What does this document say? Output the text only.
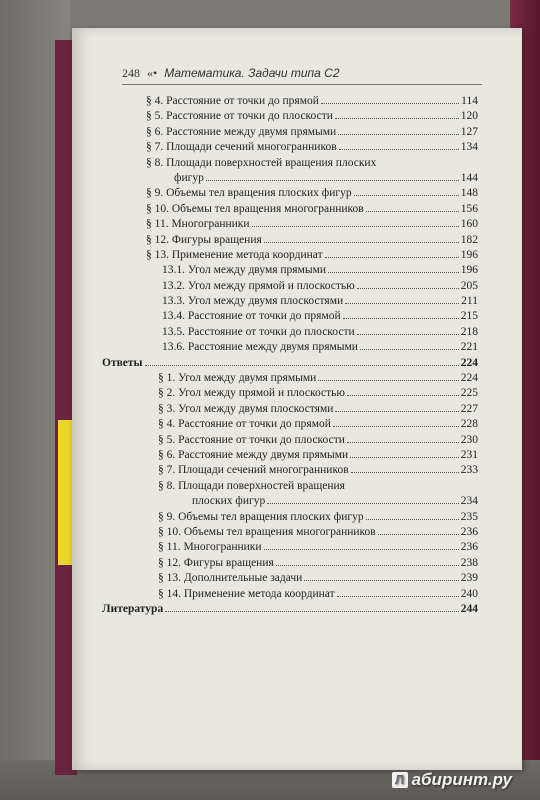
248 «• Математика. Задачи типа С2
§ 4. Расстояние от точки до прямой	114
§ 5. Расстояние от точки до плоскости	120
§ 6. Расстояние между двумя прямыми	127
§ 7. Площади сечений многогранников	134
§ 8. Площади поверхностей вращения плоских
фигур	144
§ 9. Объемы тел вращения плоских фигур	148
§ 10. Объемы тел вращения многогранников	156
§ 11. Многогранники	160
§ 12. Фигуры вращения	182
§ 13. Применение метода координат	196
13.1. Угол между двумя прямыми	196
13.2. Угол между прямой и плоскостью	205
13.3. Угол между двумя плоскостями	211
13.4. Расстояние от точки до прямой	215
13.5. Расстояние от точки до плоскости	218
13.6. Расстояние между двумя прямыми	221
Ответы	224
§ 1. Угол между двумя прямыми	224
§ 2. Угол между прямой и плоскостью	225
§ 3. Угол между двумя плоскостями	227
§ 4. Расстояние от точки до прямой	228
§ 5. Расстояние от точки до плоскости	230
§ 6. Расстояние между двумя прямыми	231
§ 7. Площади сечений многогранников	233
§ 8. Площади поверхностей вращения
плоских фигур	234
§ 9. Объемы тел вращения плоских фигур	235
§ 10. Объемы тел вращения многогранников	236
§ 11. Многогранники	236
§ 12. Фигуры вращения	238
§ 13. Дополнительные задачи	239
§ 14. Применение метода координат	240
Литература	244
Л абиринт.ру
